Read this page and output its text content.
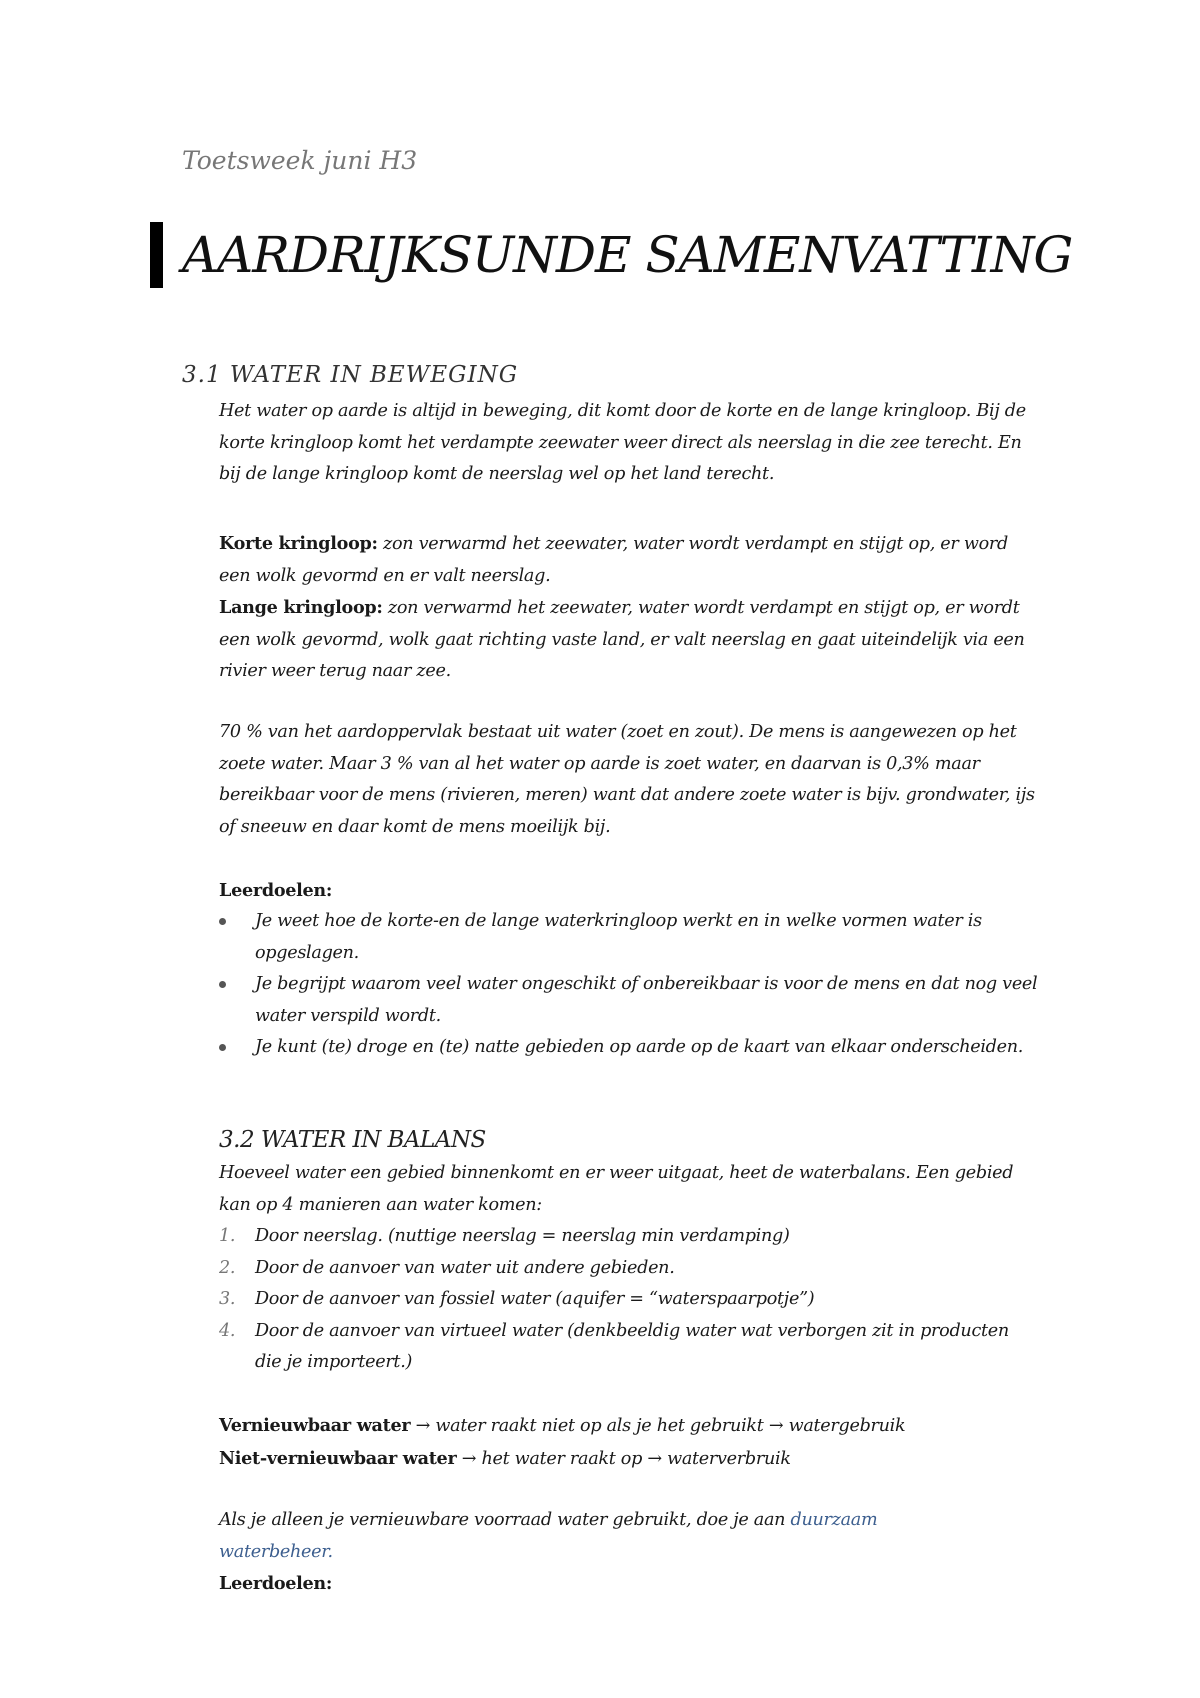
Toetsweek juni H3
AARDRIJKSUNDE SAMENVATTING
3.1 WATER IN BEWEGING

Het water op aarde is altijd in beweging, dit komt door de korte en de lange kringloop. Bij de korte kringloop komt het verdampte zeewater weer direct als neerslag in die zee terecht. En bij de lange kringloop komt de neerslag wel op het land terecht.

Korte kringloop: zon verwarmd het zeewater, water wordt verdampt en stijgt op, er word een wolk gevormd en er valt neerslag.

Lange kringloop: zon verwarmd het zeewater, water wordt verdampt en stijgt op, er wordt een wolk gevormd, wolk gaat richting vaste land, er valt neerslag en gaat uiteindelijk via een rivier weer terug naar zee.

70 % van het aardoppervlak bestaat uit water (zoet en zout). De mens is aangewezen op het zoete water. Maar 3 % van al het water op aarde is zoet water, en daarvan is 0,3% maar bereikbaar voor de mens (rivieren, meren) want dat andere zoete water is bijv. grondwater, ijs of sneeuw en daar komt de mens moeilijk bij.

Leerdoelen:

Je weet hoe de korte-en de lange waterkringloop werkt en in welke vormen water is opgeslagen.
Je begrijpt waarom veel water ongeschikt of onbereikbaar is voor de mens en dat nog veel water verspild wordt.
Je kunt (te) droge en (te) natte gebieden op aarde op de kaart van elkaar onderscheiden.
3.2 WATER IN BALANS

Hoeveel water een gebied binnenkomt en er weer uitgaat, heet de waterbalans. Een gebied kan op 4 manieren aan water komen:

1. Door neerslag. (nuttige neerslag = neerslag min verdamping)
2. Door de aanvoer van water uit andere gebieden.
3. Door de aanvoer van fossiel water (aquifer = “waterspaarpotje”)
4. Door de aanvoer van virtueel water (denkbeeldig water wat verborgen zit in producten die je importeert.)

Vernieuwbaar water → water raakt niet op als je het gebruikt → watergebruik

Niet-vernieuwbaar water → het water raakt op → waterverbruik

Als je alleen je vernieuwbare voorraad water gebruikt, doe je aan duurzaam waterbeheer.

Leerdoelen:
